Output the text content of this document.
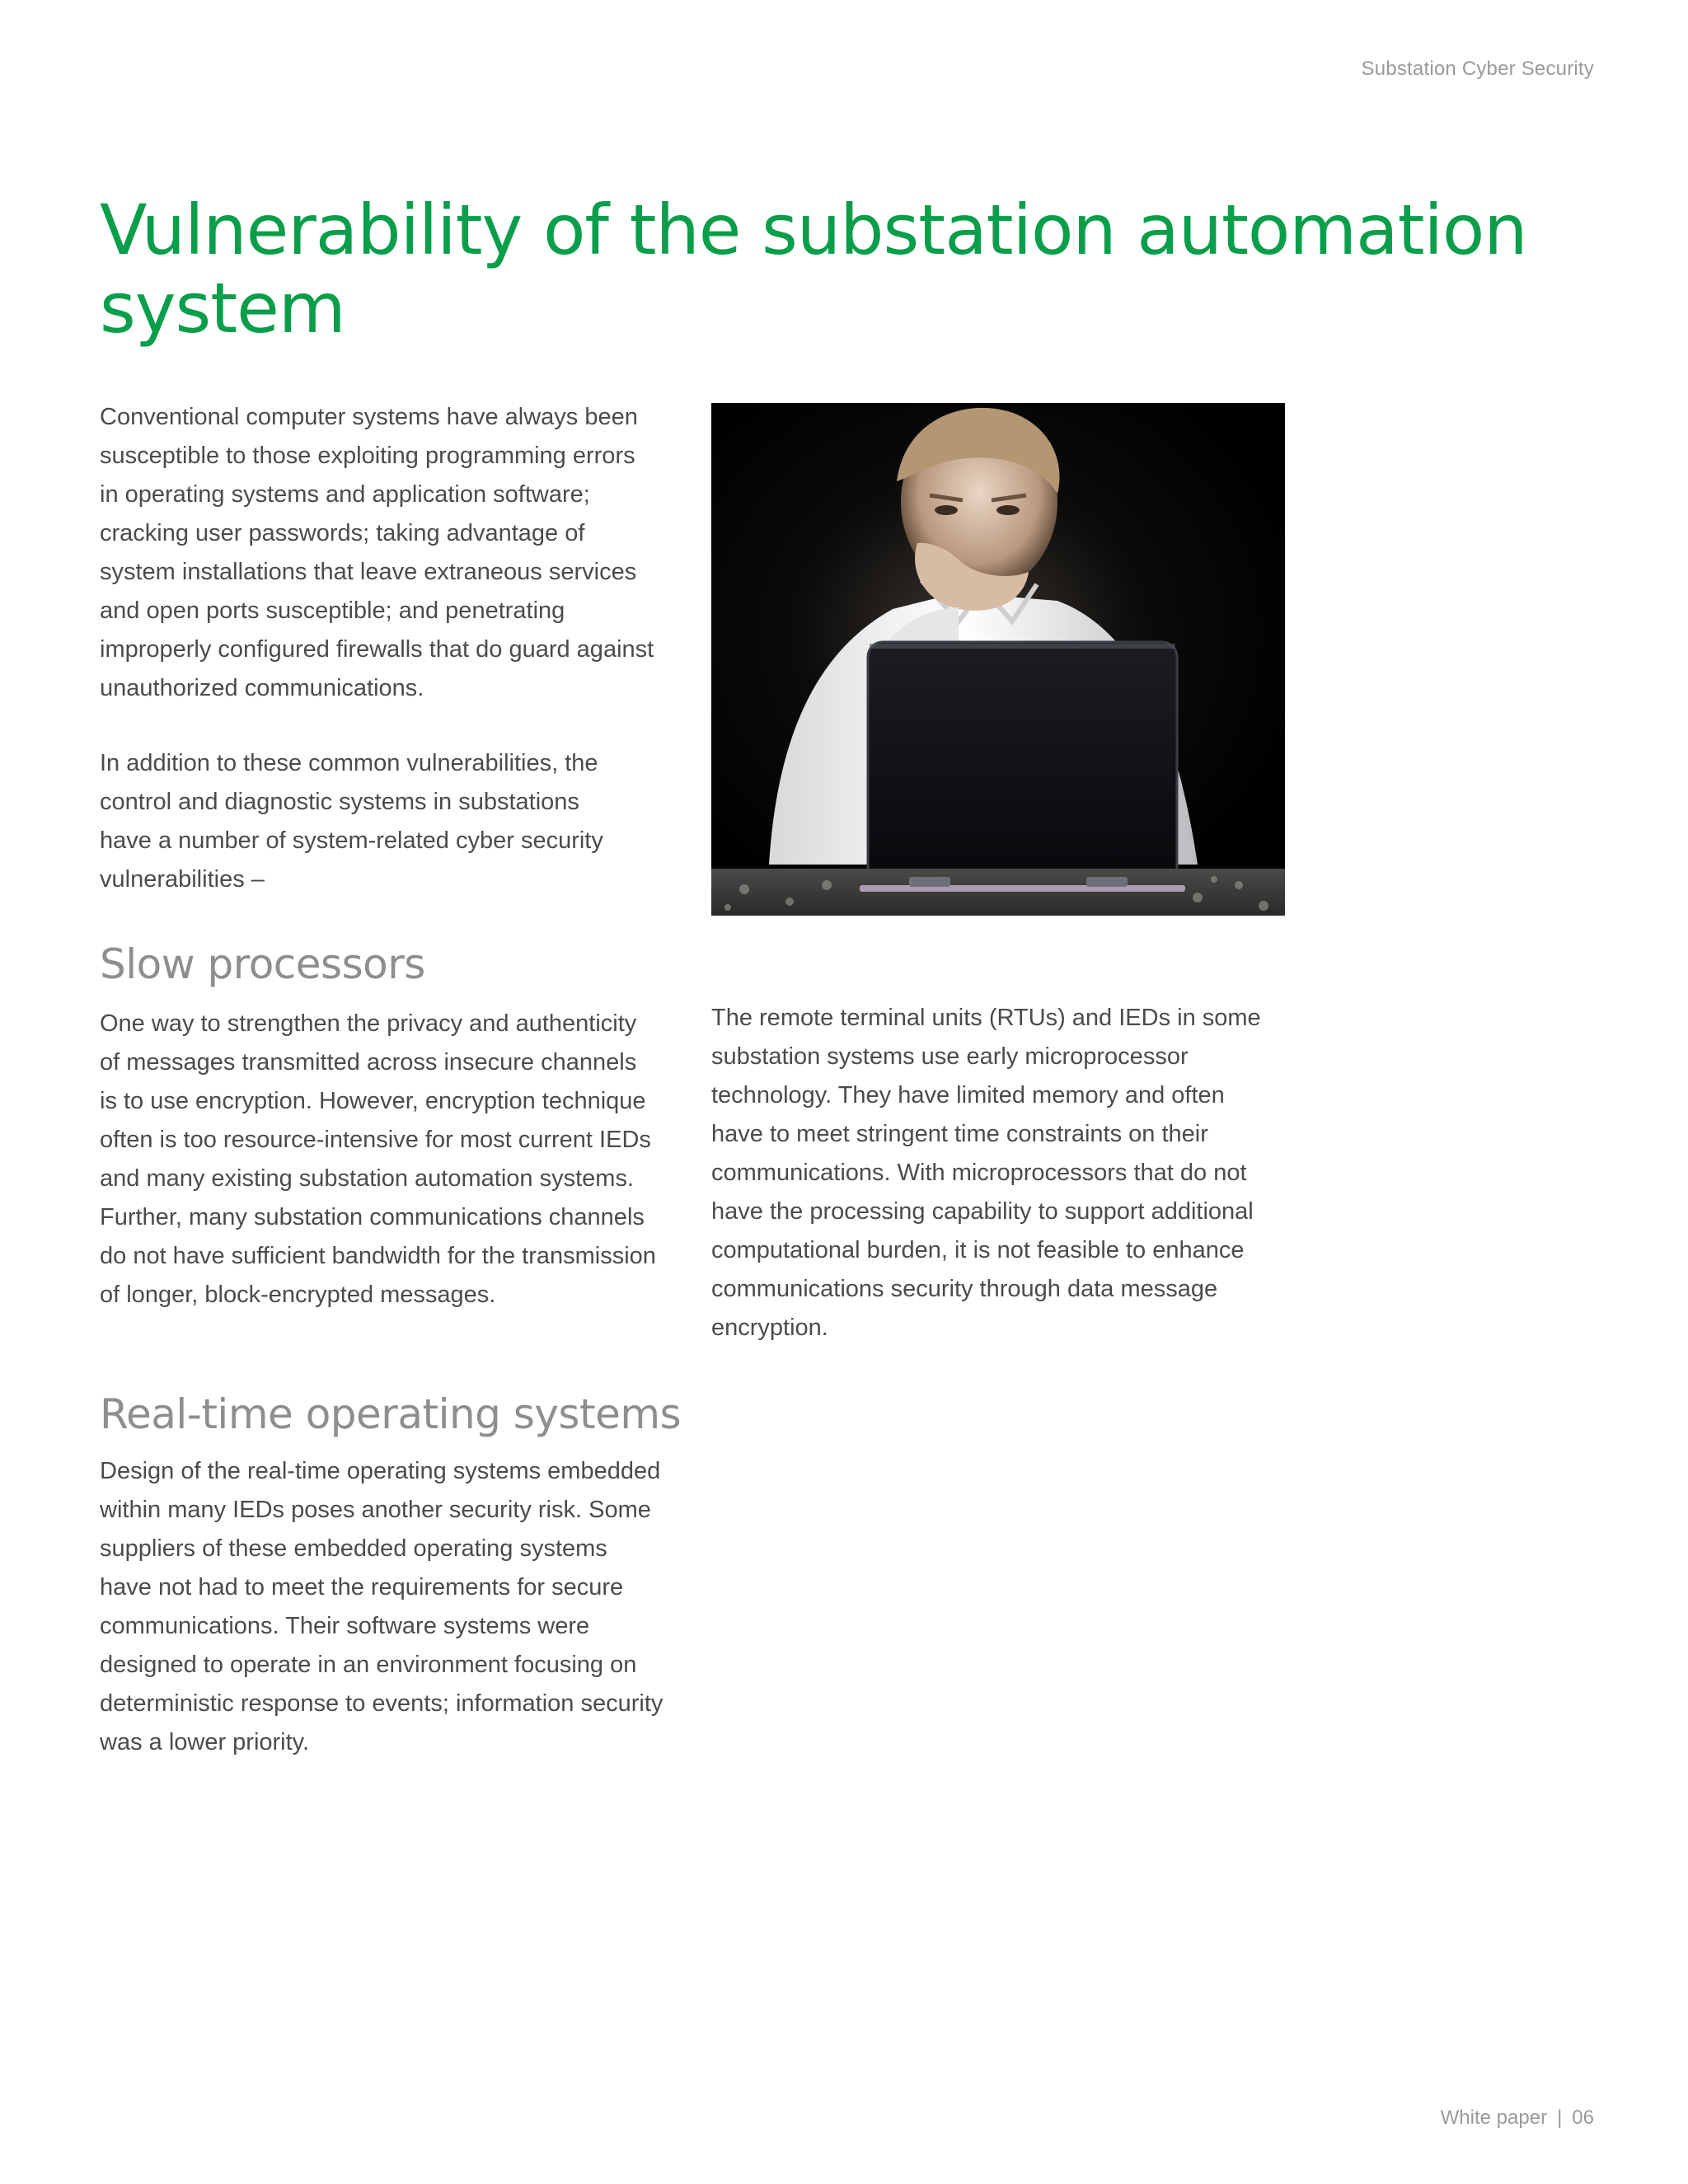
Substation Cyber Security
Vulnerability of the substation automation system

Conventional computer systems have always been
susceptible to those exploiting programming errors
in operating systems and application software;
cracking user passwords; taking advantage of
system installations that leave extraneous services
and open ports susceptible; and penetrating
improperly configured firewalls that do guard against
unauthorized communications.

In addition to these common vulnerabilities, the
control and diagnostic systems in substations
have a number of system-related cyber security
vulnerabilities –

Slow processors

One way to strengthen the privacy and authenticity
of messages transmitted across insecure channels
is to use encryption. However, encryption technique
often is too resource-intensive for most current IEDs
and many existing substation automation systems.
Further, many substation communications channels
do not have sufficient bandwidth for the transmission
of longer, block-encrypted messages.

The remote terminal units (RTUs) and IEDs in some
substation systems use early microprocessor
technology. They have limited memory and often
have to meet stringent time constraints on their
communications. With microprocessors that do not
have the processing capability to support additional
computational burden, it is not feasible to enhance
communications security through data message
encryption.

Real-time operating systems

Design of the real-time operating systems embedded
within many IEDs poses another security risk. Some
suppliers of these embedded operating systems
have not had to meet the requirements for secure
communications. Their software systems were
designed to operate in an environment focusing on
deterministic response to events; information security
was a lower priority.

White paper | 06
